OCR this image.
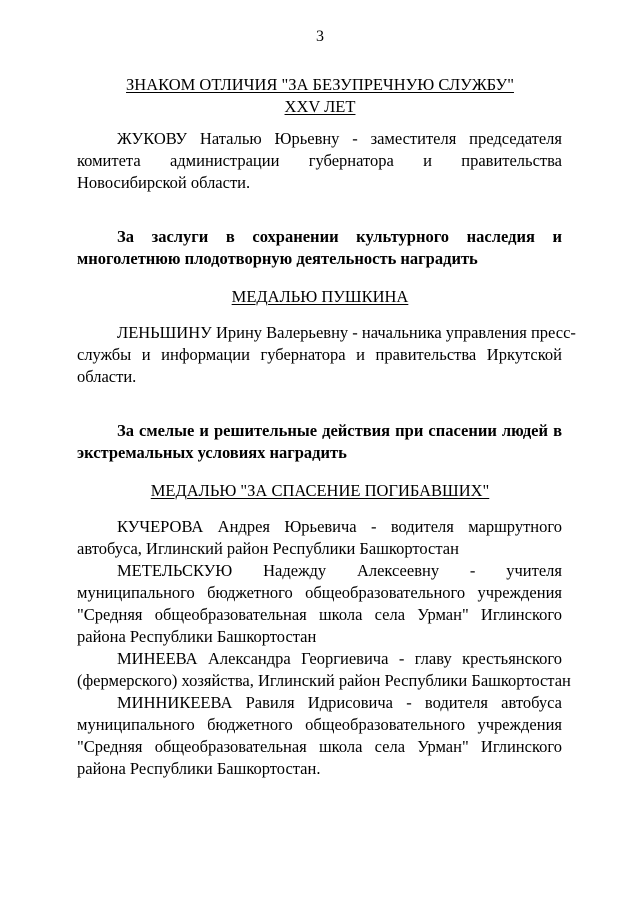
3
ЗНАКОМ ОТЛИЧИЯ "ЗА БЕЗУПРЕЧНУЮ СЛУЖБУ"
XXV ЛЕТ
ЖУКОВУ Наталью Юрьевну - заместителя председателя
комитета администрации губернатора и правительства
Новосибирской области.
За заслуги в сохранении культурного наследия и
многолетнюю плодотворную деятельность наградить
МЕДАЛЬЮ ПУШКИНА
ЛЕНЬШИНУ Ирину Валерьевну - начальника управления пресс-
службы и информации губернатора и правительства Иркутской
области.
За смелые и решительные действия при спасении людей в
экстремальных условиях наградить
МЕДАЛЬЮ "ЗА СПАСЕНИЕ ПОГИБАВШИХ"
КУЧЕРОВА Андрея Юрьевича - водителя маршрутного
автобуса, Иглинский район Республики Башкортостан
МЕТЕЛЬСКУЮ Надежду Алексеевну - учителя
муниципального бюджетного общеобразовательного учреждения
"Средняя общеобразовательная школа села Урман" Иглинского
района Республики Башкортостан
МИНЕЕВА Александра Георгиевича - главу крестьянского
(фермерского) хозяйства, Иглинский район Республики Башкортостан
МИННИКЕЕВА Равиля Идрисовича - водителя автобуса
муниципального бюджетного общеобразовательного учреждения
"Средняя общеобразовательная школа села Урман" Иглинского
района Республики Башкортостан.
